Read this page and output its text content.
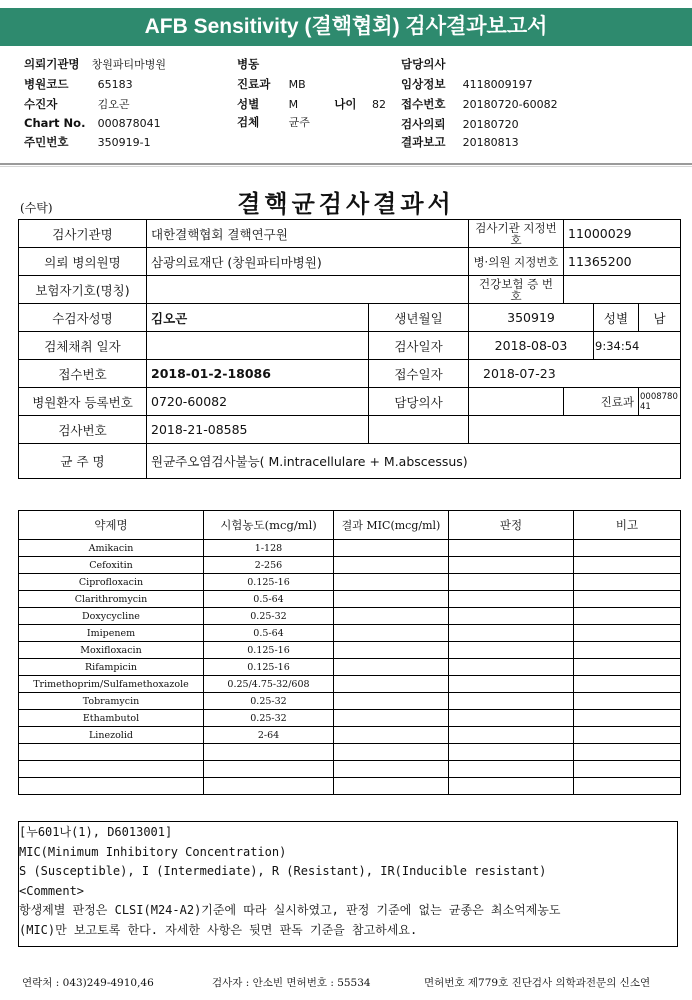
AFB Sensitivity (결핵협회) 검사결과보고서
의뢰기관명 창원파티마병원
병원코드	65183
수진자	김오곤
Chart No. 000878041
주민번호	350919-1
병동
진료과 MB
성별	M	나이 82
검체	균주
담당의사
임상정보 4118009197
접수번호 20180720-60082
검사의뢰 20180720
결과보고 20180813
(수탁)	결핵균검사결과서
검사기관명	대한결핵협회 결핵연구원		검사기관 지정번호	11000029		
의뢰 병의원명	삼광의료재단 (창원파티마병원)		병·의원 지정번호	11365200		
보험자기호(명칭)			건강보험 증 번 호			
수검자성명	김오곤	생년월일	350919		성별	남
검체채취 일자		검사일자	2018-08-03		9:34:54	
접수번호	2018-01-2-18086	접수일자	2018-07-23			
병원환자 등록번호	0720-60082	담당의사		진료과		000878041
검사번호	2018-21-08585					
균 주 명	원균주오염검사불능( M.intracellulare + M.abscessus)					
약제명	시험농도(mcg/ml)	결과 MIC(mcg/ml)	판정	비고
Amikacin	1-128			
Cefoxitin	2-256			
Ciprofloxacin	0.125-16			
Clarithromycin	0.5-64			
Doxycycline	0.25-32			
Imipenem	0.5-64			
Moxifloxacin	0.125-16			
Rifampicin	0.125-16			
Trimethoprim/Sulfamethoxazole	0.25/4.75-32/608			
Tobramycin	0.25-32			
Ethambutol	0.25-32			
Linezolid	2-64			

[누601나(1), D6013001]
MIC(Minimum Inhibitory Concentration)
S (Susceptible), I (Intermediate), R (Resistant), IR(Inducible resistant)
<Comment>
항생제별 판정은 CLSI(M24-A2)기준에 따라 실시하였고, 판정 기준에 없는 균종은 최소억제농도
(MIC)만 보고토록 한다. 자세한 사항은 뒷면 판독 기준을 참고하세요.
연락처 : 043)249-4910,46	검사자 : 안소빈 면허번호 : 55534	면허번호 제779호 진단검사 의학과전문의 신소연
